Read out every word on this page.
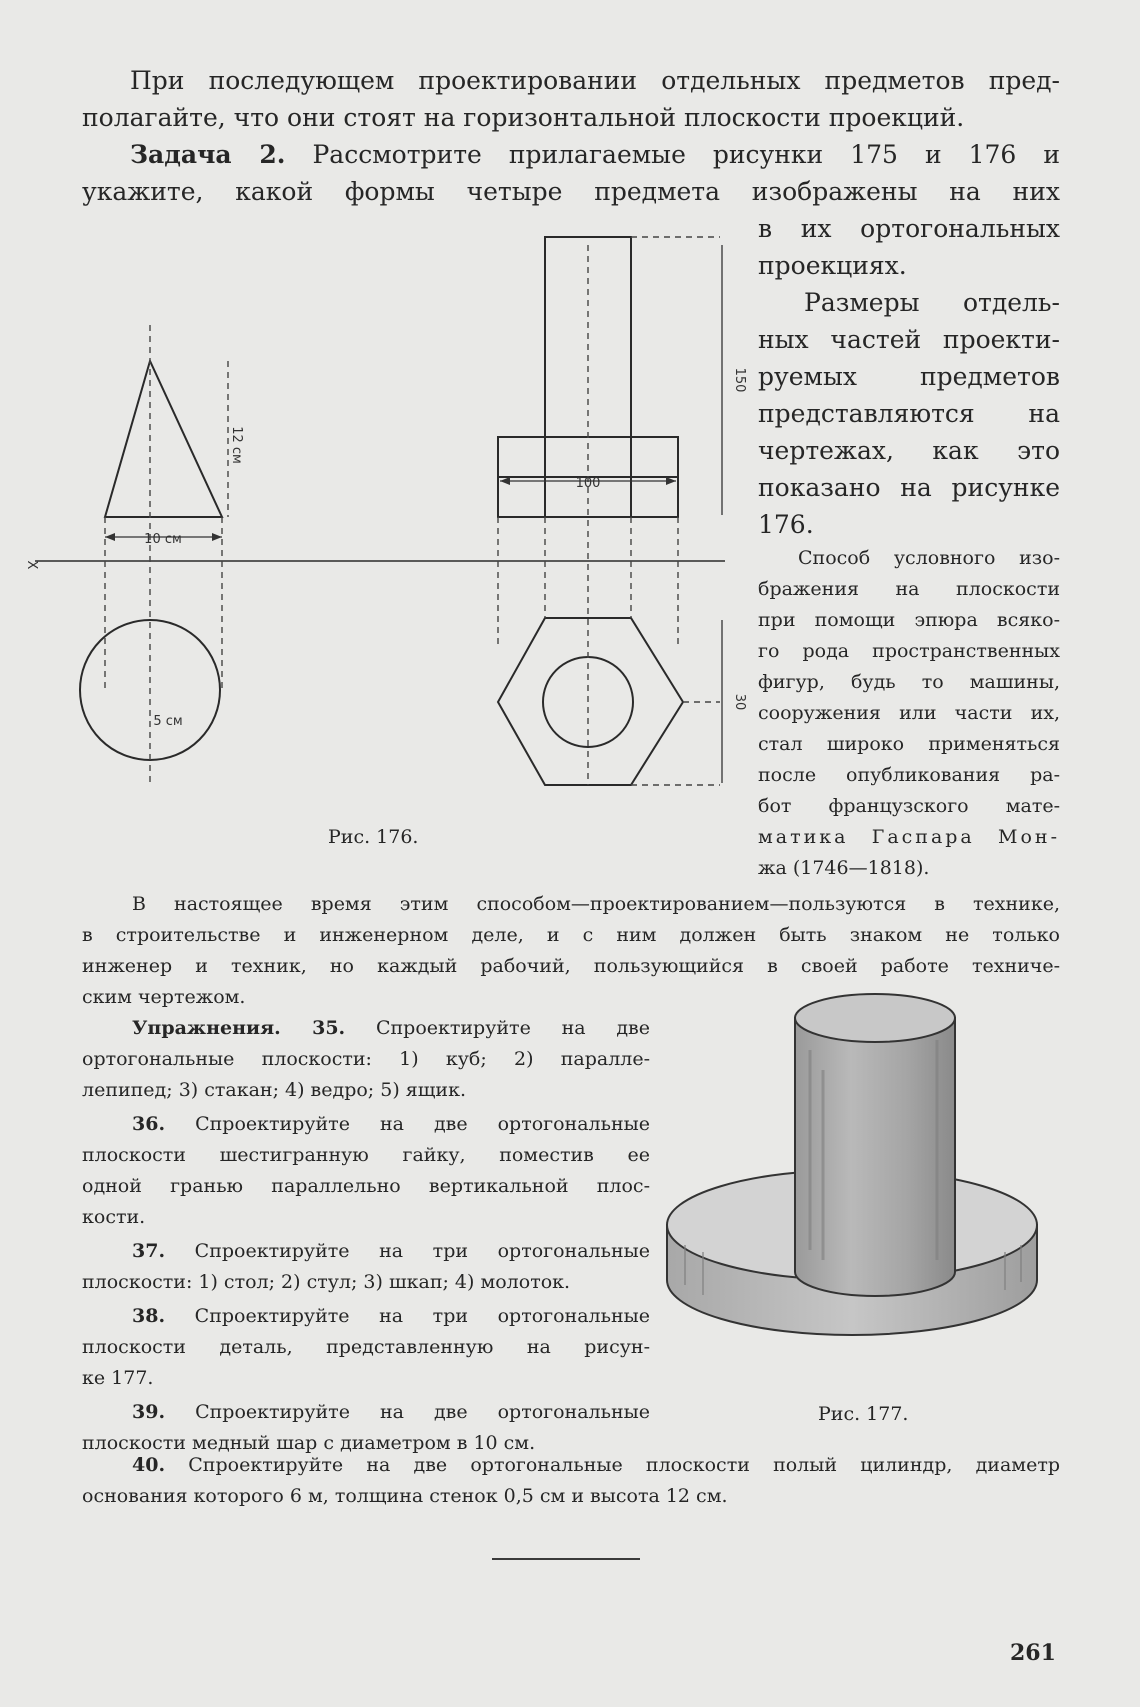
При последующем проектировании отдельных предметов пред-
полагайте, что они стоят на горизонтальной плоскости проекций.
Задача 2. Рассмотрите прилагаемые рисунки 175 и 176 и
укажите, какой формы четыре предмета изображены на них
в их ортогональных
проекциях.
Размеры отдель-
ных частей проекти-
руемых предметов
представляются на
чертежах, как это
показано на рисунке
176.
Способ условного изо-
бражения на плоскости
при помощи эпюра всяко-
го рода пространственных
фигур, будь то машины,
сооружения или части их,
стал широко применяться
после опубликования ра-
бот французского мате-
матика Гаспара Мон-
жа (1746—1818).
10 см
12 см
5 см
100
150
30
X
Рис. 176.
В настоящее время этим способом—проектированием—пользуются в технике,
в строительстве и инженерном деле, и с ним должен быть знаком не только
инженер и техник, но каждый рабочий, пользующийся в своей работе техниче-
ским чертежом.
Упражнения. 35. Спроектируйте на две
ортогональные плоскости: 1) куб; 2) паралле-
лепипед; 3) стакан; 4) ведро; 5) ящик.
36. Спроектируйте на две ортогональные
плоскости шестигранную гайку, поместив ее
одной гранью параллельно вертикальной плос-
кости.
37. Спроектируйте на три ортогональные
плоскости: 1) стол; 2) стул; 3) шкап; 4) молоток.
38. Спроектируйте на три ортогональные
плоскости деталь, представленную на рисун-
ке 177.
39. Спроектируйте на две ортогональные
плоскости медный шар с диаметром в 10 см.
Рис. 177.
40. Спроектируйте на две ортогональные плоскости полый цилиндр, диаметр
основания которого 6 м, толщина стенок 0,5 см и высота 12 см.
261
